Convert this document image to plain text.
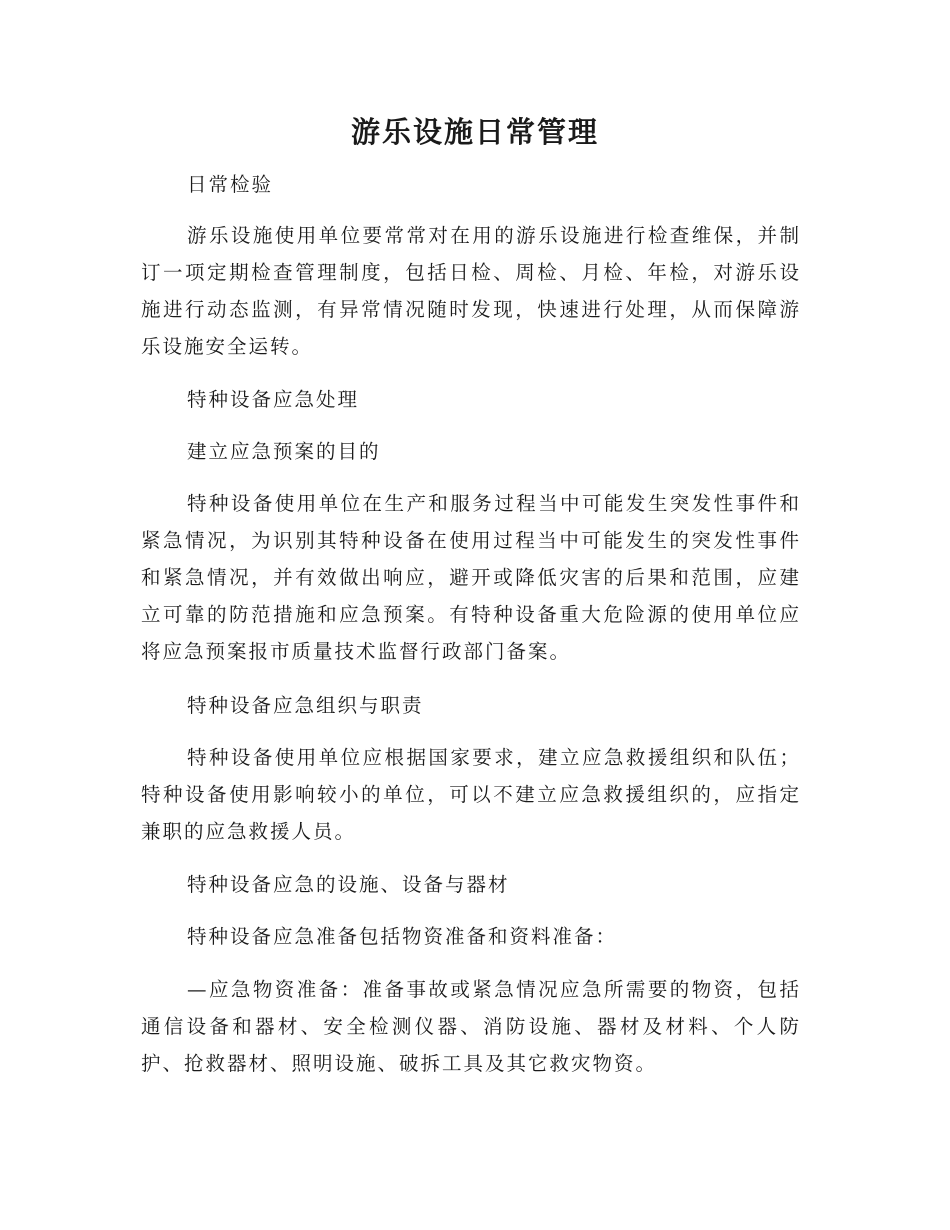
游乐设施日常管理

日常检验

游乐设施使用单位要常常对在用的游乐设施进行检查维保，并制订一项定期检查管理制度，包括日检、周检、月检、年检，对游乐设施进行动态监测，有异常情况随时发现，快速进行处理，从而保障游乐设施安全运转。

特种设备应急处理

建立应急预案的目的

特种设备使用单位在生产和服务过程当中可能发生突发性事件和紧急情况，为识别其特种设备在使用过程当中可能发生的突发性事件和紧急情况，并有效做出响应，避开或降低灾害的后果和范围，应建立可靠的防范措施和应急预案。有特种设备重大危险源的使用单位应将应急预案报市质量技术监督行政部门备案。

特种设备应急组织与职责

特种设备使用单位应根据国家要求，建立应急救援组织和队伍；特种设备使用影响较小的单位，可以不建立应急救援组织的，应指定兼职的应急救援人员。

特种设备应急的设施、设备与器材

特种设备应急准备包括物资准备和资料准备：

—应急物资准备：准备事故或紧急情况应急所需要的物资，包括通信设备和器材、安全检测仪器、消防设施、器材及材料、个人防护、抢救器材、照明设施、破拆工具及其它救灾物资。
